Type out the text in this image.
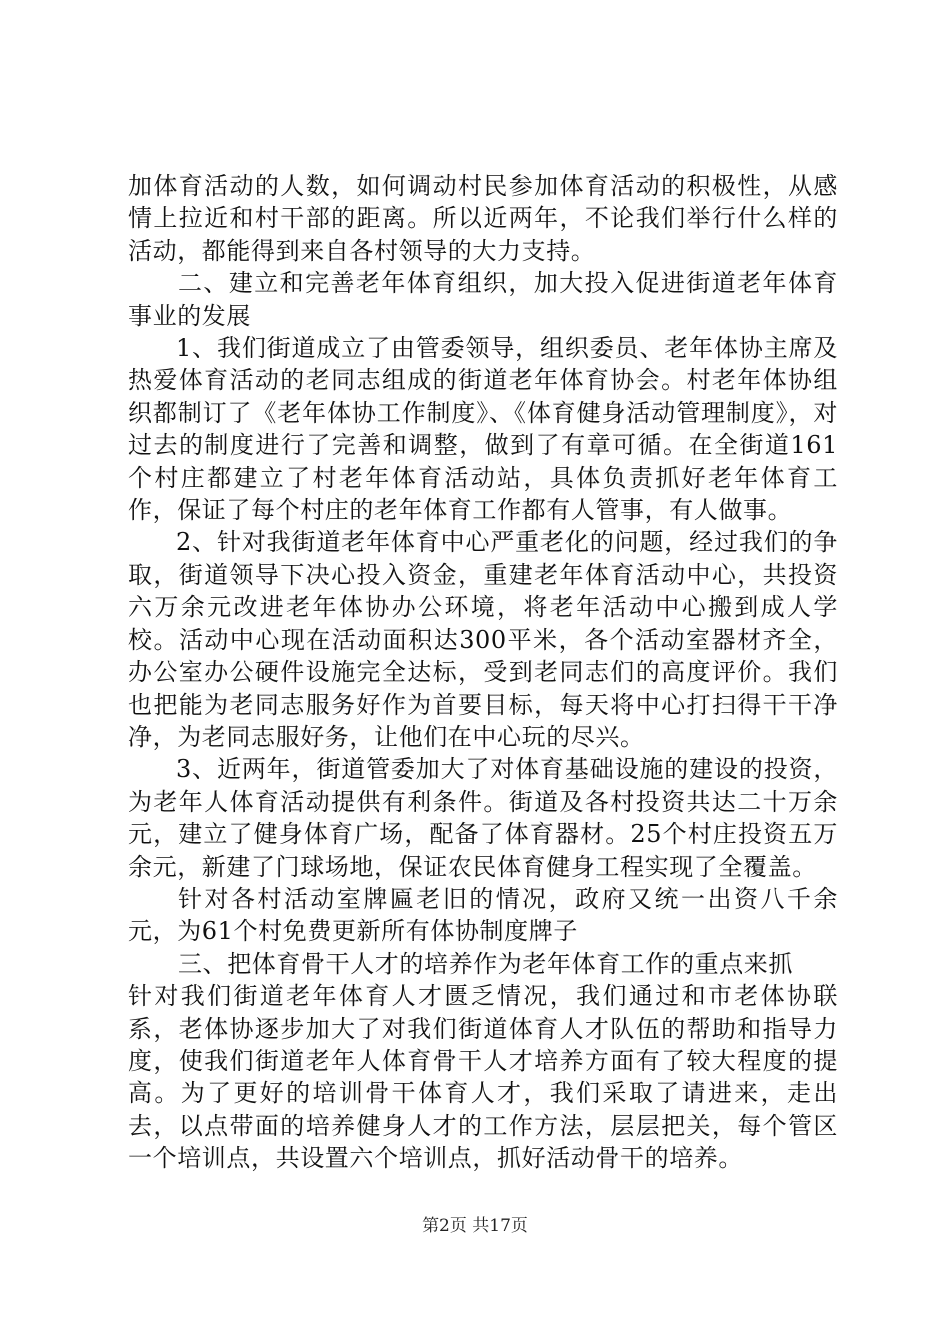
加体育活动的人数，如何调动村民参加体育活动的积极性，从感情上拉近和村干部的距离。所以近两年，不论我们举行什么样的活动，都能得到来自各村领导的大力支持。

二、建立和完善老年体育组织，加大投入促进街道老年体育事业的发展

1、我们街道成立了由管委领导，组织委员、老年体协主席及热爱体育活动的老同志组成的街道老年体育协会。村老年体协组织都制订了《老年体协工作制度》、《体育健身活动管理制度》，对过去的制度进行了完善和调整，做到了有章可循。在全街道161个村庄都建立了村老年体育活动站，具体负责抓好老年体育工作，保证了每个村庄的老年体育工作都有人管事，有人做事。

2、针对我街道老年体育中心严重老化的问题，经过我们的争取，街道领导下决心投入资金，重建老年体育活动中心，共投资六万余元改进老年体协办公环境，将老年活动中心搬到成人学校。活动中心现在活动面积达300平米，各个活动室器材齐全，办公室办公硬件设施完全达标，受到老同志们的高度评价。我们也把能为老同志服务好作为首要目标，每天将中心打扫得干干净净，为老同志服好务，让他们在中心玩的尽兴。

3、近两年，街道管委加大了对体育基础设施的建设的投资，为老年人体育活动提供有利条件。街道及各村投资共达二十万余元，建立了健身体育广场，配备了体育器材。25个村庄投资五万余元，新建了门球场地，保证农民体育健身工程实现了全覆盖。

针对各村活动室牌匾老旧的情况，政府又统一出资八千余元，为61个村免费更新所有体协制度牌子

三、把体育骨干人才的培养作为老年体育工作的重点来抓

针对我们街道老年体育人才匮乏情况，我们通过和市老体协联系，老体协逐步加大了对我们街道体育人才队伍的帮助和指导力度，使我们街道老年人体育骨干人才培养方面有了较大程度的提高。为了更好的培训骨干体育人才，我们采取了请进来，走出去，以点带面的培养健身人才的工作方法，层层把关，每个管区一个培训点，共设置六个培训点，抓好活动骨干的培养。

第2页 共17页
